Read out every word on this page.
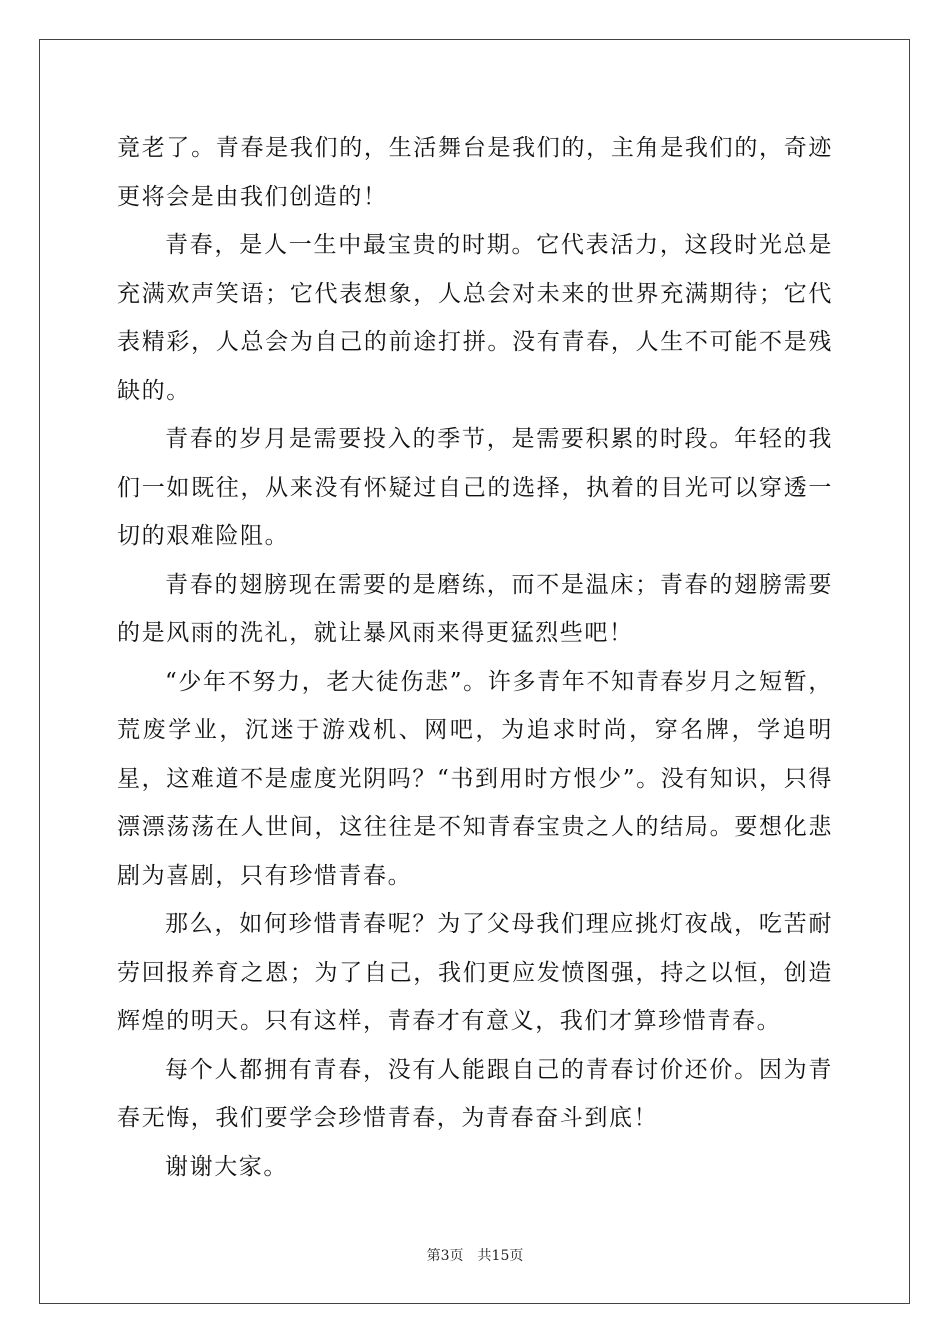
竟老了。青春是我们的，生活舞台是我们的，主角是我们的，奇迹更将会是由我们创造的！

青春，是人一生中最宝贵的时期。它代表活力，这段时光总是充满欢声笑语；它代表想象，人总会对未来的世界充满期待；它代表精彩，人总会为自己的前途打拼。没有青春，人生不可能不是残缺的。

青春的岁月是需要投入的季节，是需要积累的时段。年轻的我们一如既往，从来没有怀疑过自己的选择，执着的目光可以穿透一切的艰难险阻。

青春的翅膀现在需要的是磨练，而不是温床；青春的翅膀需要的是风雨的洗礼，就让暴风雨来得更猛烈些吧！

“少年不努力，老大徒伤悲”。许多青年不知青春岁月之短暂，荒废学业，沉迷于游戏机、网吧，为追求时尚，穿名牌，学追明星，这难道不是虚度光阴吗？“书到用时方恨少”。没有知识，只得漂漂荡荡在人世间，这往往是不知青春宝贵之人的结局。要想化悲剧为喜剧，只有珍惜青春。

那么，如何珍惜青春呢？为了父母我们理应挑灯夜战，吃苦耐劳回报养育之恩；为了自己，我们更应发愤图强，持之以恒，创造辉煌的明天。只有这样，青春才有意义，我们才算珍惜青春。

每个人都拥有青春，没有人能跟自己的青春讨价还价。因为青春无悔，我们要学会珍惜青春，为青春奋斗到底！

谢谢大家。

第3页　共15页
